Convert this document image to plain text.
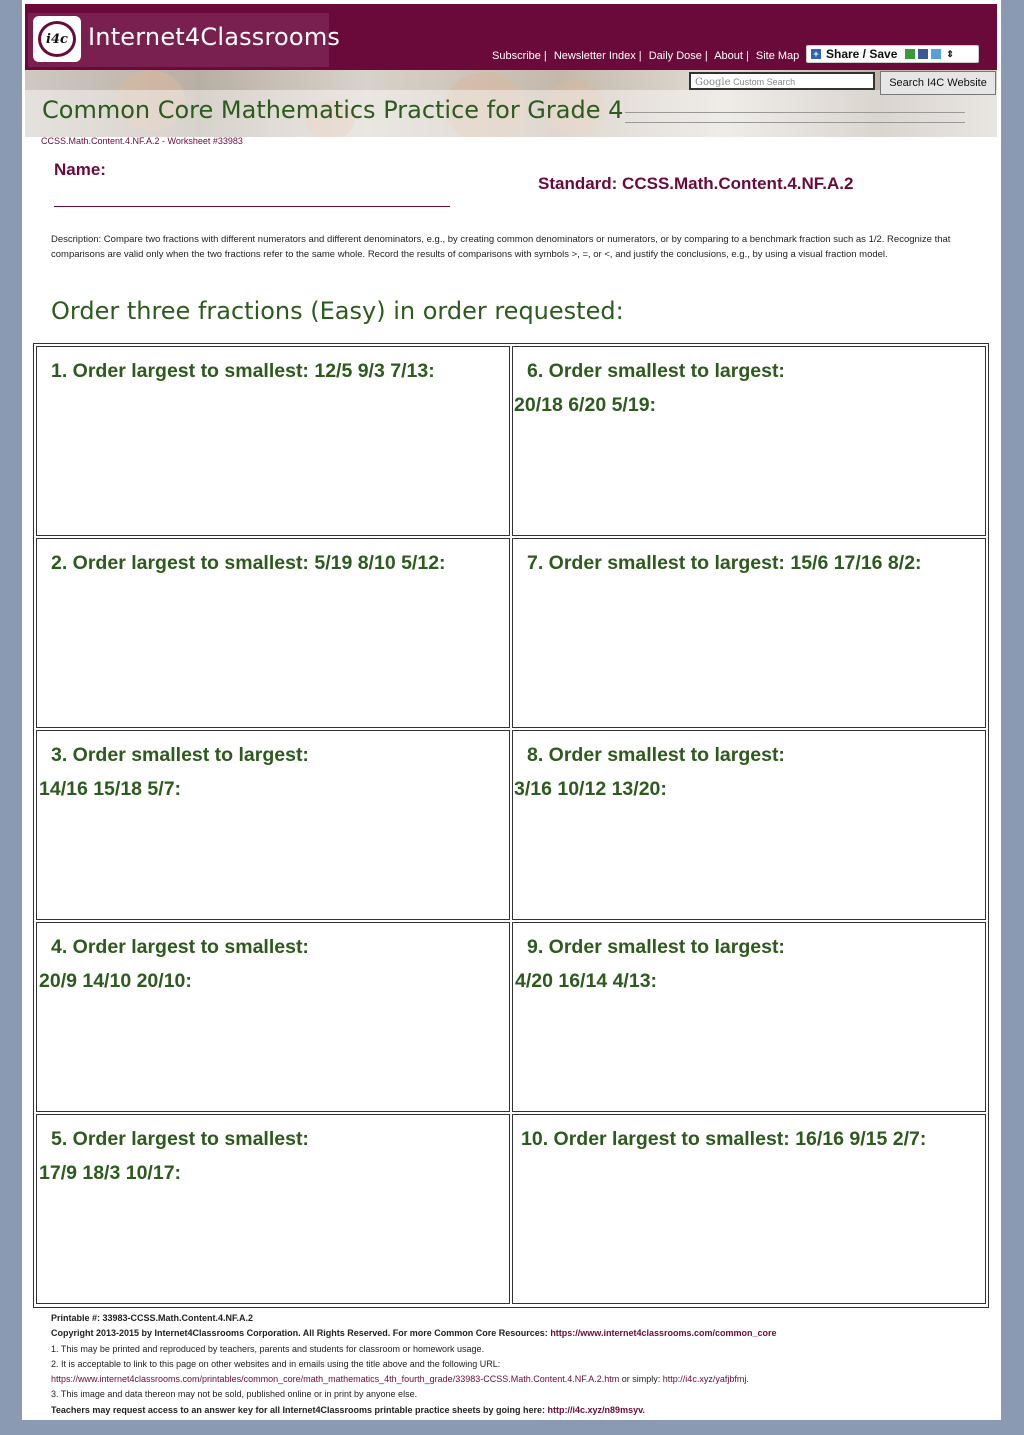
i4c Internet4Classrooms
Subscribe | Newsletter Index | Daily Dose | About | Site Map + Share / Save	⇕
Google Custom Search	Search I4C Website
Common Core Mathematics Practice for Grade 4
CCSS.Math.Content.4.NF.A.2 - Worksheet #33983
Name:
Standard: CCSS.Math.Content.4.NF.A.2
Description: Compare two fractions with different numerators and different denominators, e.g., by creating common denominators or numerators, or by comparing to a benchmark fraction such as 1/2. Recognize that comparisons are valid only when the two fractions refer to the same whole. Record the results of comparisons with symbols >, =, or <, and justify the conclusions, e.g., by using a visual fraction model.
Order three fractions (Easy) in order requested:
1. Order largest to smallest: 12/5 9/3 7/13:	6. Order smallest to largest:
20/18 6/20 5/19:
2. Order largest to smallest: 5/19 8/10 5/12:	7. Order smallest to largest: 15/6 17/16 8/2:
3. Order smallest to largest:
14/16 15/18 5/7:
8. Order smallest to largest:
3/16 10/12 13/20:
4. Order largest to smallest:
20/9 14/10 20/10:
9. Order smallest to largest:
4/20 16/14 4/13:
5. Order largest to smallest:
17/9 18/3 10/17:
10. Order largest to smallest: 16/16 9/15 2/7:
Printable #: 33983-CCSS.Math.Content.4.NF.A.2
Copyright 2013-2015 by Internet4Classrooms Corporation. All Rights Reserved. For more Common Core Resources: https://www.internet4classrooms.com/common_core
1. This may be printed and reproduced by teachers, parents and students for classroom or homework usage.
2. It is acceptable to link to this page on other websites and in emails using the title above and the following URL:
https://www.internet4classrooms.com/printables/common_core/math_mathematics_4th_fourth_grade/33983-CCSS.Math.Content.4.NF.A.2.htm or simply: http://i4c.xyz/yafjbfmj.
3. This image and data thereon may not be sold, published online or in print by anyone else.
Teachers may request access to an answer key for all Internet4Classrooms printable practice sheets by going here: http://i4c.xyz/n89msyv.
